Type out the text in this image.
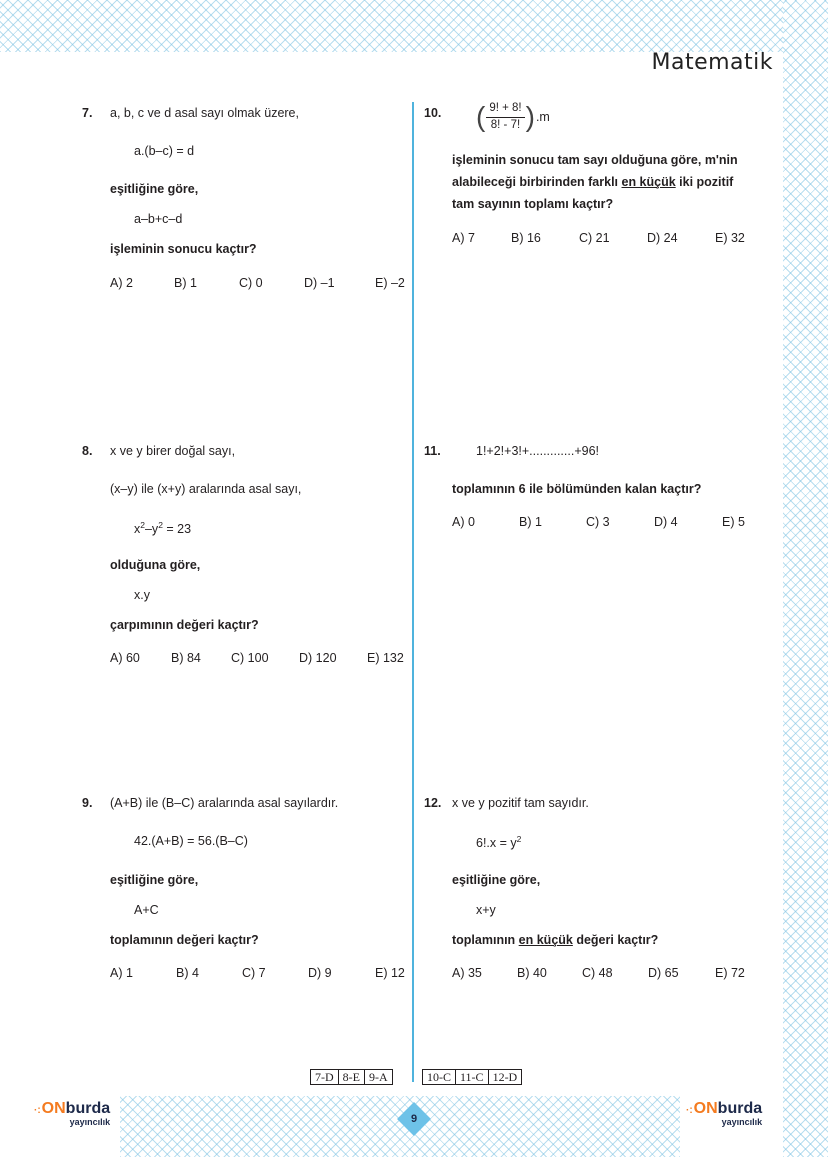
Matematik
7. a, b, c ve d asal sayı olmak üzere,
a.(b–c) = d
eşitliğine göre,
a–b+c–d
işleminin sonucu kaçtır?
A) 2	B) 1	C) 0	D) –1	E) –2
8. x ve y birer doğal sayı,
(x–y) ile (x+y) aralarında asal sayı,
$x^2-y^2 = 23$
olduğuna göre,
x.y
çarpımının değeri kaçtır?
A) 60 B) 84 C) 100 D) 120 E) 132
9. (A+B) ile (B–C) aralarında asal sayılardır.
42.(A+B) = 56.(B–C)
eşitliğine göre,
A+C
toplamının değeri kaçtır?
A) 1	B) 4	C) 7	D) 9	E) 12
10. ( $\frac{9! + 8!}{8! - 7!}$ ) .m
işleminin sonucu tam sayı olduğuna göre, m'nin
alabileceği birbirinden farklı en küçük iki pozitif
tam sayının toplamı kaçtır?
A) 7	B) 16	C) 21	D) 24	E) 32
11.	1!+2!+3!+.............+96!
toplamının 6 ile bölümünden kalan kaçtır?
A) 0	B) 1	C) 3	D) 4	E) 5
12. x ve y pozitif tam sayıdır.
$6!.x = y^2$
eşitliğine göre,
x+y
toplamının en küçük değeri kaçtır?
A) 35	B) 40	C) 48	D) 65	E) 72
7-D 8-E 9-A	10-C 11-C 12-D
·:ONburda
yayıncılık
·:ONburda
yayıncılık
9
